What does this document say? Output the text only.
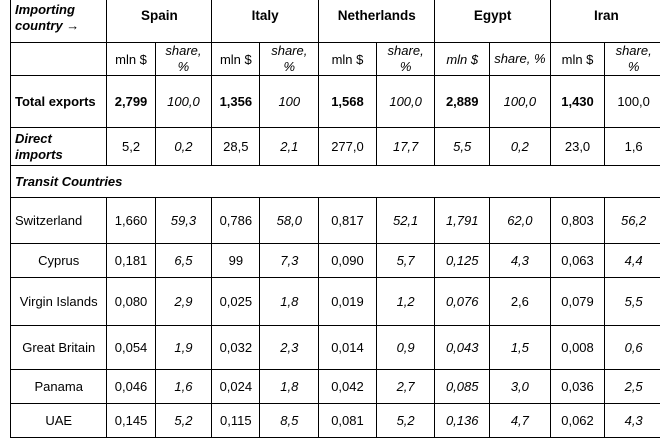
Importing country →	Spain		Italy		Netherlands		Egypt		Iran	
	mln $	share, %	mln $	share, %	mln $	share, %	mln $	share, %	mln $	share, %
Total exports	2,799	100,0	1,356	100	1,568	100,0	2,889	100,0	1,430	100,0
Direct imports	5,2	0,2	28,5	2,1	277,0	17,7	5,5	0,2	23,0	1,6
Transit Countries										
Switzerland	1,660	59,3	0,786	58,0	0,817	52,1	1,791	62,0	0,803	56,2
Cyprus	0,181	6,5	99	7,3	0,090	5,7	0,125	4,3	0,063	4,4
Virgin Islands	0,080	2,9	0,025	1,8	0,019	1,2	0,076	2,6	0,079	5,5
Great Britain	0,054	1,9	0,032	2,3	0,014	0,9	0,043	1,5	0,008	0,6
Panama	0,046	1,6	0,024	1,8	0,042	2,7	0,085	3,0	0,036	2,5
UAE	0,145	5,2	0,115	8,5	0,081	5,2	0,136	4,7	0,062	4,3
